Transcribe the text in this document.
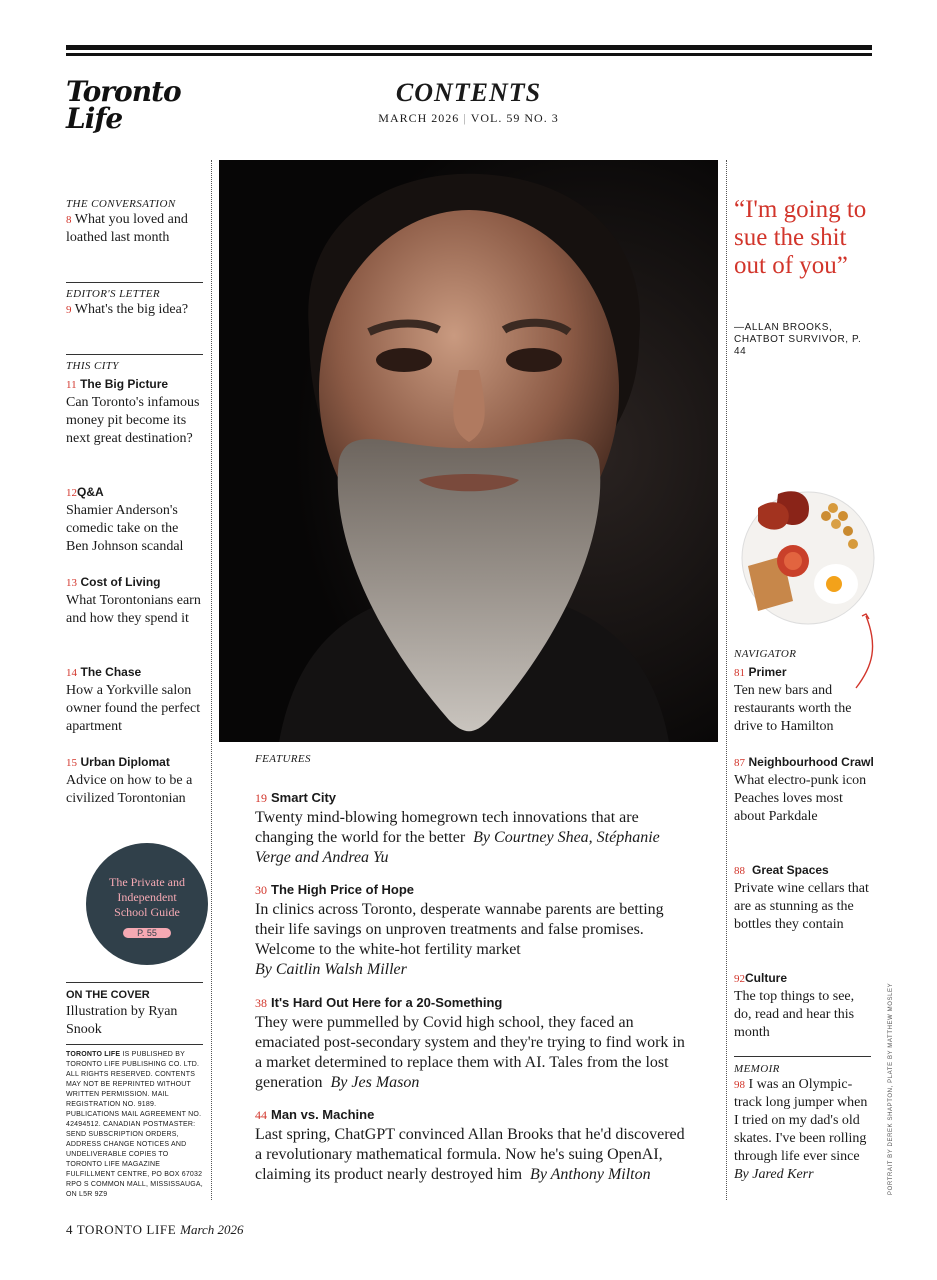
Toronto
Life
CONTENTS
MARCH 2026 | VOL. 59 NO. 3
THE CONVERSATION
8 What you loved and loathed last month
EDITOR'S LETTER
9 What's the big idea?
THIS CITY
11 The Big Picture
Can Toronto's infamous money pit become its next great destination?
12Q&A
Shamier Anderson's comedic take on the Ben Johnson scandal
13 Cost of Living
What Torontonians earn and how they spend it
14 The Chase
How a Yorkville salon owner found the perfect apartment
15 Urban Diplomat
Advice on how to be a civilized Torontonian
The Private and
Independent
School Guide
P. 55
ON THE COVER
Illustration by Ryan Snook
TORONTO LIFE IS PUBLISHED BY TORONTO LIFE PUBLISHING CO. LTD. ALL RIGHTS RESERVED. CONTENTS MAY NOT BE REPRINTED WITHOUT WRITTEN PERMISSION. MAIL REGISTRATION NO. 9189. PUBLICATIONS MAIL AGREEMENT NO. 42494512. CANADIAN POSTMASTER: SEND SUBSCRIPTION ORDERS, ADDRESS CHANGE NOTICES AND UNDELIVERABLE COPIES TO TORONTO LIFE MAGAZINE FULFILLMENT CENTRE, PO BOX 67032 RPO S COMMON MALL, MISSISSAUGA, ON L5R 9Z9
FEATURES
19 Smart City
Twenty mind-blowing homegrown tech innovations that are changing the world for the better By Courtney Shea, Stéphanie Verge and Andrea Yu
30 The High Price of Hope
In clinics across Toronto, desperate wannabe parents are betting their life savings on unproven treatments and false promises. Welcome to the white-hot fertility market
By Caitlin Walsh Miller
38 It's Hard Out Here for a 20-Something
They were pummelled by Covid high school, they faced an emaciated post-secondary system and they're trying to find work in a market determined to replace them with AI. Tales from the lost generation By Jes Mason
44 Man vs. Machine
Last spring, ChatGPT convinced Allan Brooks that he'd discovered a revolutionary mathematical formula. Now he's suing OpenAI, claiming its product nearly destroyed him By Anthony Milton
“I'm going to sue the shit out of you”
—ALLAN BROOKS, CHATBOT SURVIVOR, P. 44
NAVIGATOR
81 Primer
Ten new bars and restaurants worth the drive to Hamilton
87 Neighbourhood Crawl
What electro-punk icon Peaches loves most about Parkdale
88 Great Spaces
Private wine cellars that are as stunning as the bottles they contain
92Culture
The top things to see, do, read and hear this month
MEMOIR
98 I was an Olympic-track long jumper when I tried on my dad's old skates. I've been rolling through life ever since
By Jared Kerr	PORTRAIT BY DEREK SHAPTON, PLATE BY MATTHEW MOSLEY
4 TORONTO LIFE March 2026
